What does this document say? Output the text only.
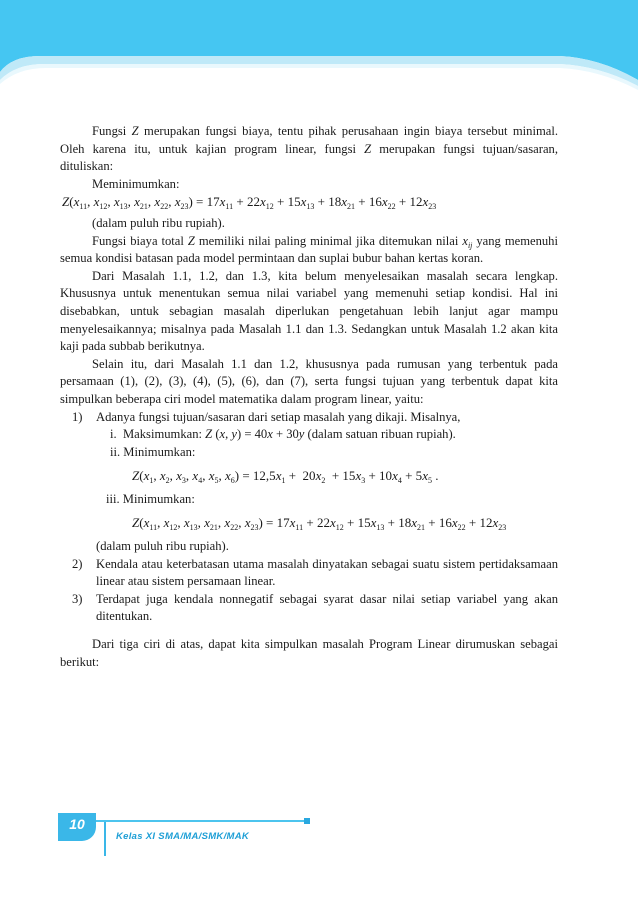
Fungsi Z merupakan fungsi biaya, tentu pihak perusahaan ingin biaya tersebut minimal. Oleh karena itu, untuk kajian program linear, fungsi Z merupakan fungsi tujuan/sasaran, dituliskan:

Meminimumkan:

$Z(x_{11}$, $x_{12}$, $x_{13}$, $x_{21}$, $x_{22}$, $x_{23}) = 17x_{11} + 22x_{12} + 15x_{13} + 18x_{21} + 16x_{22} + 12x_{23}$

(dalam puluh ribu rupiah).

Fungsi biaya total Z memiliki nilai paling minimal jika ditemukan nilai $x_{ij}$ yang memenuhi semua kondisi batasan pada model permintaan dan suplai bubur bahan kertas koran.

Dari Masalah 1.1, 1.2, dan 1.3, kita belum menyelesaikan masalah secara lengkap. Khususnya untuk menentukan semua nilai variabel yang memenuhi setiap kondisi. Hal ini disebabkan, untuk sebagian masalah diperlukan pengetahuan lebih lanjut agar mampu menyelesaikannya; misalnya pada Masalah 1.1 dan 1.3. Sedangkan untuk Masalah 1.2 akan kita kaji pada subbab berikutnya.

Selain itu, dari Masalah 1.1 dan 1.2, khususnya pada rumusan yang terbentuk pada persamaan (1), (2), (3), (4), (5), (6), dan (7), serta fungsi tujuan yang terbentuk dapat kita simpulkan beberapa ciri model matematika dalam program linear, yaitu:

1) Adanya fungsi tujuan/sasaran dari setiap masalah yang dikaji. Misalnya,

i. Maksimumkan: Z (x, y) = 40x + 30y (dalam satuan ribuan rupiah).

ii. Minimumkan:

$Z(x_1$, $x_2$, $x_3$, $x_4$, $x_5$, $x_6) = 12,5x_1 + 20x_2 + 15x_3 + 10x_4 + 5x_5$ .

iii. Minimumkan:

$Z(x_{11}$, $x_{12}$, $x_{13}$, $x_{21}$, $x_{22}$, $x_{23}) = 17x_{11} + 22x_{12} + 15x_{13} + 18x_{21} + 16x_{22} + 12x_{23}$

(dalam puluh ribu rupiah).

2) Kendala atau keterbatasan utama masalah dinyatakan sebagai suatu sistem pertidaksamaan linear atau sistem persamaan linear.
3) Terdapat juga kendala nonnegatif sebagai syarat dasar nilai setiap variabel yang akan ditentukan.

Dari tiga ciri di atas, dapat kita simpulkan masalah Program Linear dirumuskan sebagai berikut:

10
Kelas XI SMA/MA/SMK/MAK
